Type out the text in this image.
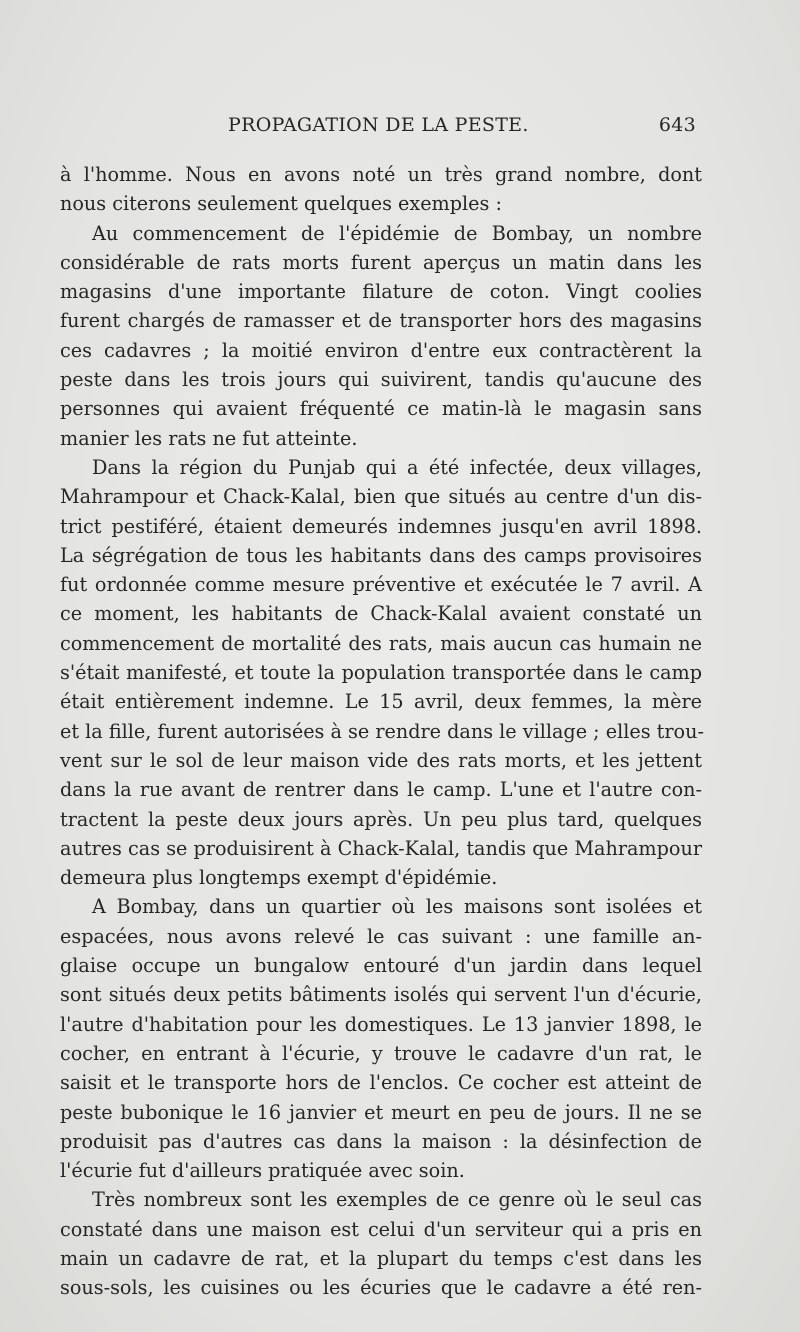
PROPAGATION DE LA PESTE.	643
à l'homme. Nous en avons noté un très grand nombre, dont
nous citerons seulement quelques exemples :
Au commencement de l'épidémie de Bombay, un nombre
considérable de rats morts furent aperçus un matin dans les
magasins d'une importante filature de coton. Vingt coolies
furent chargés de ramasser et de transporter hors des magasins
ces cadavres ; la moitié environ d'entre eux contractèrent la
peste dans les trois jours qui suivirent, tandis qu'aucune des
personnes qui avaient fréquenté ce matin-là le magasin sans
manier les rats ne fut atteinte.
Dans la région du Punjab qui a été infectée, deux villages,
Mahrampour et Chack-Kalal, bien que situés au centre d'un dis-
trict pestiféré, étaient demeurés indemnes jusqu'en avril 1898.
La ségrégation de tous les habitants dans des camps provisoires
fut ordonnée comme mesure préventive et exécutée le 7 avril. A
ce moment, les habitants de Chack-Kalal avaient constaté un
commencement de mortalité des rats, mais aucun cas humain ne
s'était manifesté, et toute la population transportée dans le camp
était entièrement indemne. Le 15 avril, deux femmes, la mère
et la fille, furent autorisées à se rendre dans le village ; elles trou-
vent sur le sol de leur maison vide des rats morts, et les jettent
dans la rue avant de rentrer dans le camp. L'une et l'autre con-
tractent la peste deux jours après. Un peu plus tard, quelques
autres cas se produisirent à Chack-Kalal, tandis que Mahrampour
demeura plus longtemps exempt d'épidémie.
A Bombay, dans un quartier où les maisons sont isolées et
espacées, nous avons relevé le cas suivant : une famille an-
glaise occupe un bungalow entouré d'un jardin dans lequel
sont situés deux petits bâtiments isolés qui servent l'un d'écurie,
l'autre d'habitation pour les domestiques. Le 13 janvier 1898, le
cocher, en entrant à l'écurie, y trouve le cadavre d'un rat, le
saisit et le transporte hors de l'enclos. Ce cocher est atteint de
peste bubonique le 16 janvier et meurt en peu de jours. Il ne se
produisit pas d'autres cas dans la maison : la désinfection de
l'écurie fut d'ailleurs pratiquée avec soin.
Très nombreux sont les exemples de ce genre où le seul cas
constaté dans une maison est celui d'un serviteur qui a pris en
main un cadavre de rat, et la plupart du temps c'est dans les
sous-sols, les cuisines ou les écuries que le cadavre a été ren-
